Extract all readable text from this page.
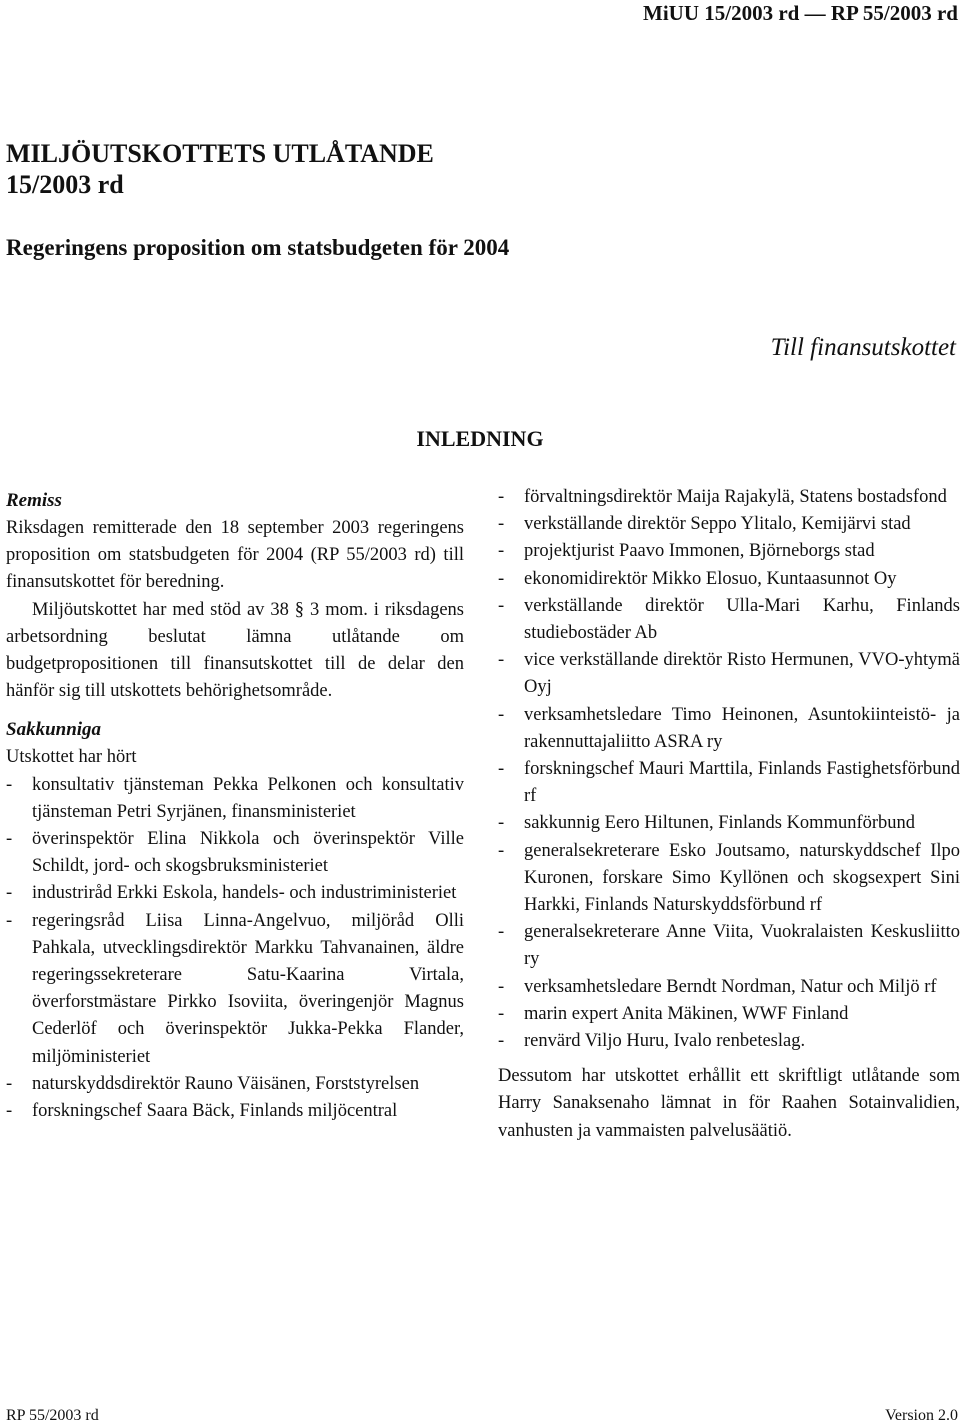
MiUU 15/2003 rd — RP 55/2003 rd
MILJÖUTSKOTTETS UTLÅTANDE
15/2003 rd
Regeringens proposition om statsbudgeten för 2004
Till finansutskottet
INLEDNING
Remiss

Riksdagen remitterade den 18 september 2003 regeringens proposition om statsbudgeten för 2004 (RP 55/2003 rd) till finansutskottet för beredning.

Miljöutskottet har med stöd av 38 § 3 mom. i riksdagens arbetsordning beslutat lämna utlåtande om budgetpropositionen till finansutskottet till de delar den hänför sig till utskottets behörighetsområde.

Sakkunniga

Utskottet har hört

- konsultativ tjänsteman Pekka Pelkonen och konsultativ tjänsteman Petri Syrjänen, finansministeriet
- överinspektör Elina Nikkola och överinspektör Ville Schildt, jord- och skogsbruksministeriet
- industriråd Erkki Eskola, handels- och industriministeriet
- regeringsråd Liisa Linna-Angelvuo, miljöråd Olli Pahkala, utvecklingsdirektör Markku Tahvanainen, äldre regeringssekreterare Satu-Kaarina Virtala, överforstmästare Pirkko Isoviita, överingenjör Magnus Cederlöf och överinspektör Jukka-Pekka Flander, miljöministeriet
- naturskyddsdirektör Rauno Väisänen, Forststyrelsen
- forskningschef Saara Bäck, Finlands miljöcentral
- förvaltningsdirektör Maija Rajakylä, Statens bostadsfond
- verkställande direktör Seppo Ylitalo, Kemijärvi stad
- projektjurist Paavo Immonen, Björneborgs stad
- ekonomidirektör Mikko Elosuo, Kuntaasunnot Oy
- verkställande direktör Ulla-Mari Karhu, Finlands studiebostäder Ab
- vice verkställande direktör Risto Hermunen, VVO-yhtymä Oyj
- verksamhetsledare Timo Heinonen, Asuntokiinteistö- ja rakennuttajaliitto ASRA ry
- forskningschef Mauri Marttila, Finlands Fastighetsförbund rf
- sakkunnig Eero Hiltunen, Finlands Kommunförbund
- generalsekreterare Esko Joutsamo, naturskyddschef Ilpo Kuronen, forskare Simo Kyllönen och skogsexpert Sini Harkki, Finlands Naturskyddsförbund rf
- generalsekreterare Anne Viita, Vuokralaisten Keskusliitto ry
- verksamhetsledare Berndt Nordman, Natur och Miljö rf
- marin expert Anita Mäkinen, WWF Finland
- renvärd Viljo Huru, Ivalo renbeteslag.

Dessutom har utskottet erhållit ett skriftligt utlåtande som Harry Sanaksenaho lämnat in för Raahen Sotainvalidien, vanhusten ja vammaisten palvelusäätiö.

RP 55/2003 rd	Version 2.0
